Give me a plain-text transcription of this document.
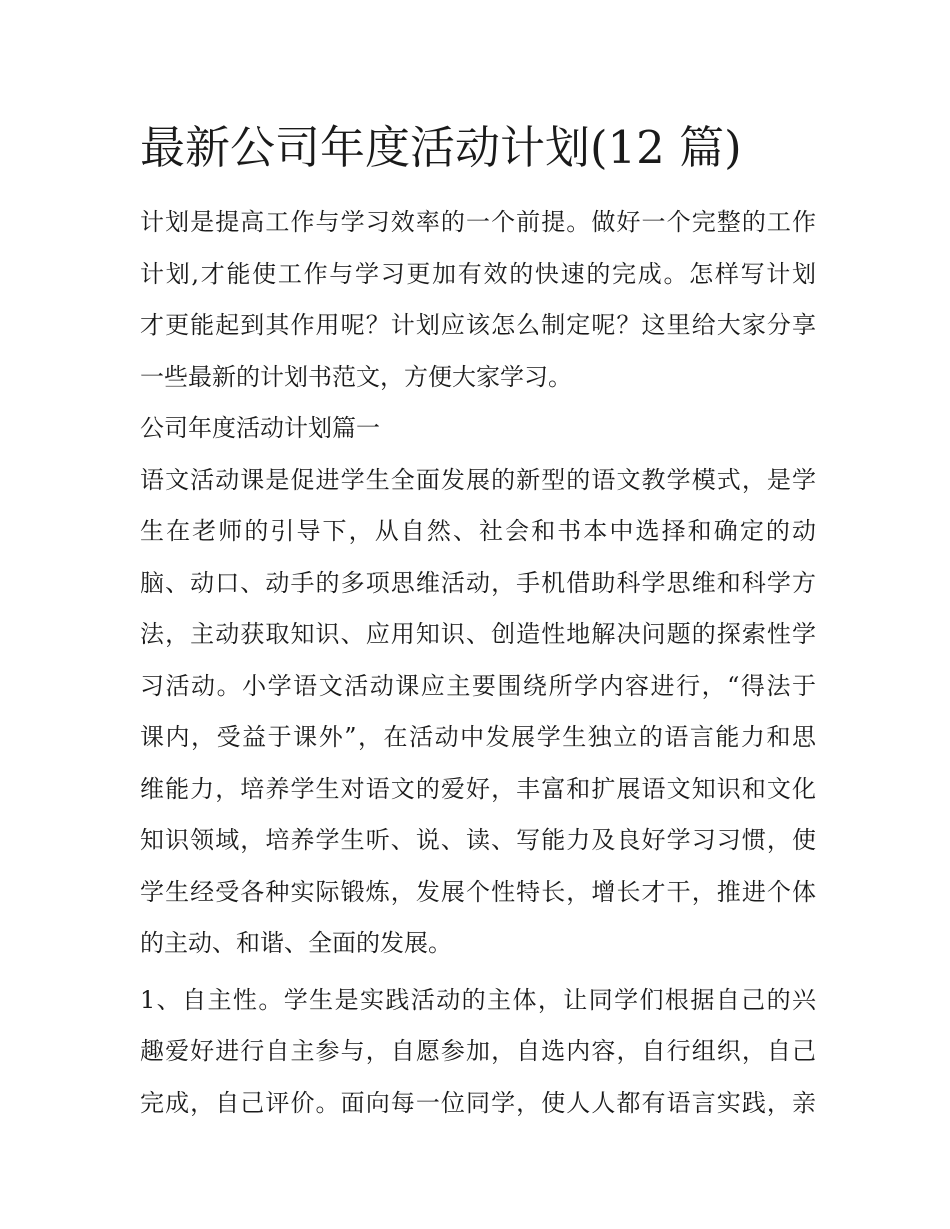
最新公司年度活动计划(12 篇)
计划是提高工作与学习效率的一个前提。做好一个完整的工作
计划,才能使工作与学习更加有效的快速的完成。怎样写计划
才更能起到其作用呢？计划应该怎么制定呢？这里给大家分享
一些最新的计划书范文，方便大家学习。
公司年度活动计划篇一
语文活动课是促进学生全面发展的新型的语文教学模式，是学
生在老师的引导下，从自然、社会和书本中选择和确定的动
脑、动口、动手的多项思维活动，手机借助科学思维和科学方
法，主动获取知识、应用知识、创造性地解决问题的探索性学
习活动。小学语文活动课应主要围绕所学内容进行，“得法于
课内，受益于课外”，在活动中发展学生独立的语言能力和思
维能力，培养学生对语文的爱好，丰富和扩展语文知识和文化
知识领域，培养学生听、说、读、写能力及良好学习习惯，使
学生经受各种实际锻炼，发展个性特长，增长才干，推进个体
的主动、和谐、全面的发展。
1、自主性。学生是实践活动的主体，让同学们根据自己的兴
趣爱好进行自主参与，自愿参加，自选内容，自行组织，自己
完成，自己评价。面向每一位同学，使人人都有语言实践，亲
